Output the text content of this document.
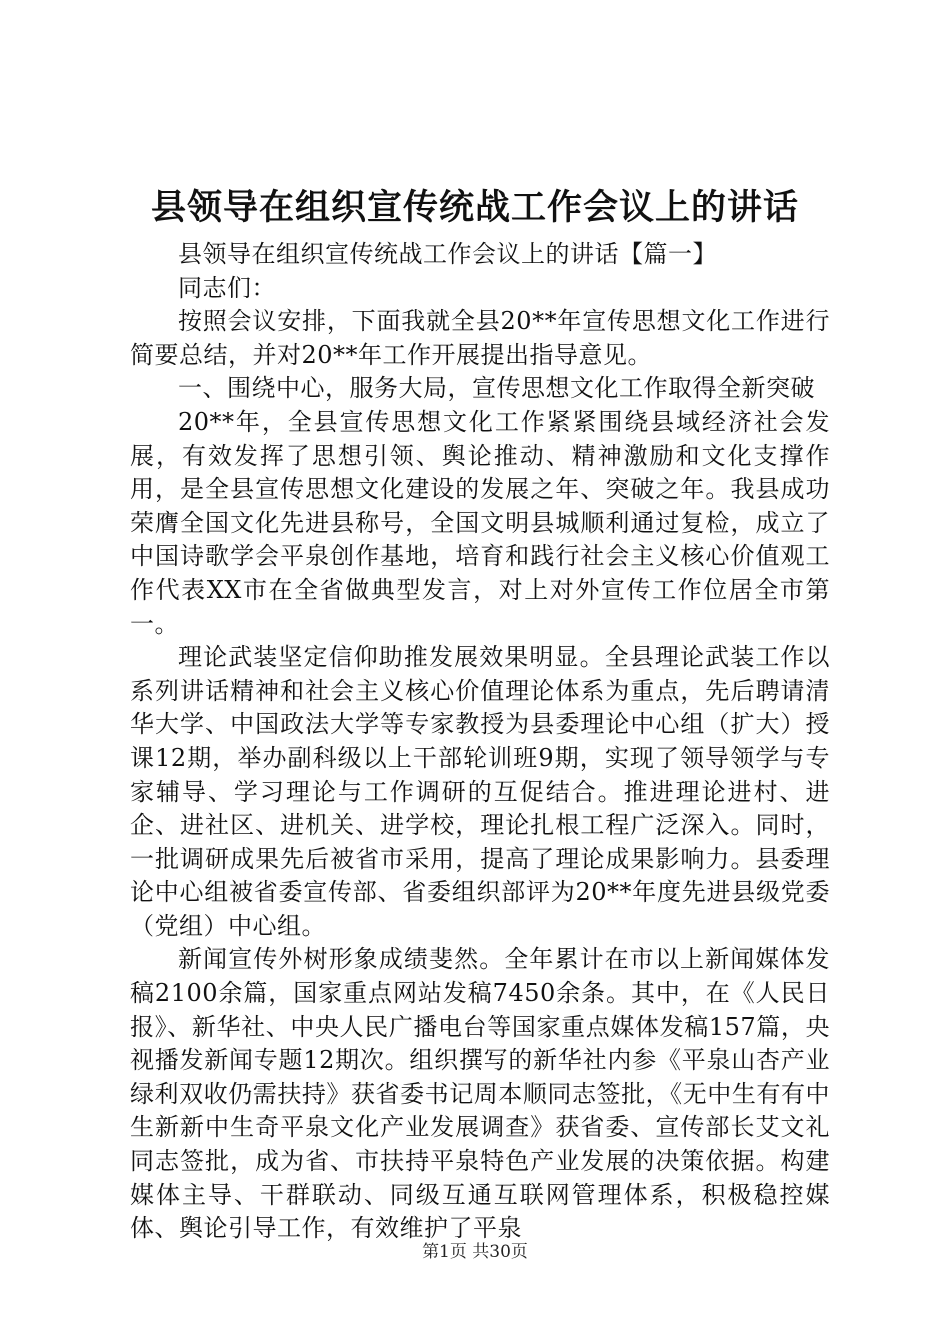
县领导在组织宣传统战工作会议上的讲话

县领导在组织宣传统战工作会议上的讲话【篇一】

同志们：

按照会议安排，下面我就全县20**年宣传思想文化工作进行简要总结，并对20**年工作开展提出指导意见。

一、围绕中心，服务大局，宣传思想文化工作取得全新突破

20**年，全县宣传思想文化工作紧紧围绕县域经济社会发展，有效发挥了思想引领、舆论推动、精神激励和文化支撑作用，是全县宣传思想文化建设的发展之年、突破之年。我县成功荣膺全国文化先进县称号，全国文明县城顺利通过复检，成立了中国诗歌学会平泉创作基地，培育和践行社会主义核心价值观工作代表XX市在全省做典型发言，对上对外宣传工作位居全市第一。

理论武装坚定信仰助推发展效果明显。全县理论武装工作以系列讲话精神和社会主义核心价值理论体系为重点，先后聘请清华大学、中国政法大学等专家教授为县委理论中心组（扩大）授课12期，举办副科级以上干部轮训班9期，实现了领导领学与专家辅导、学习理论与工作调研的互促结合。推进理论进村、进企、进社区、进机关、进学校，理论扎根工程广泛深入。同时，一批调研成果先后被省市采用，提高了理论成果影响力。县委理论中心组被省委宣传部、省委组织部评为20**年度先进县级党委（党组）中心组。

新闻宣传外树形象成绩斐然。全年累计在市以上新闻媒体发稿2100余篇，国家重点网站发稿7450余条。其中，在《人民日报》、新华社、中央人民广播电台等国家重点媒体发稿157篇，央视播发新闻专题12期次。组织撰写的新华社内参《平泉山杏产业绿利双收仍需扶持》获省委书记周本顺同志签批，《无中生有有中生新新中生奇平泉文化产业发展调查》获省委、宣传部长艾文礼同志签批，成为省、市扶持平泉特色产业发展的决策依据。构建媒体主导、干群联动、同级互通互联网管理体系，积极稳控媒体、舆论引导工作，有效维护了平泉

第1页 共30页
